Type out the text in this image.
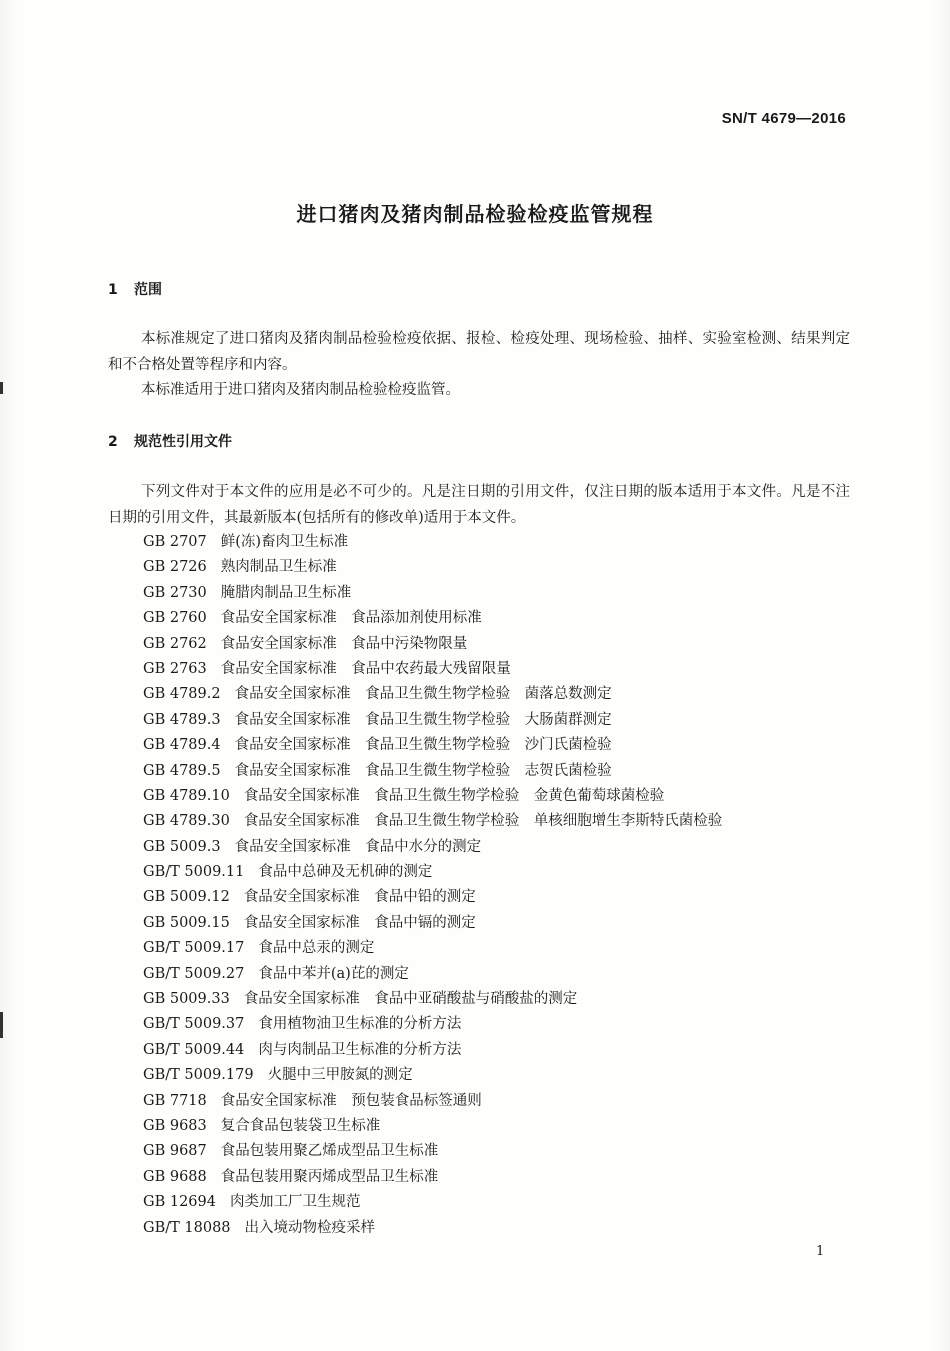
SN/T 4679—2016
进口猪肉及猪肉制品检验检疫监管规程
1 范围
本标准规定了进口猪肉及猪肉制品检验检疫依据、报检、检疫处理、现场检验、抽样、实验室检测、结果判定和不合格处置等程序和内容。
本标准适用于进口猪肉及猪肉制品检验检疫监管。
2 规范性引用文件
下列文件对于本文件的应用是必不可少的。凡是注日期的引用文件，仅注日期的版本适用于本文件。凡是不注日期的引用文件，其最新版本(包括所有的修改单)适用于本文件。
GB 2707 鲜(冻)畜肉卫生标准
GB 2726 熟肉制品卫生标准
GB 2730 腌腊肉制品卫生标准
GB 2760 食品安全国家标准　食品添加剂使用标准
GB 2762 食品安全国家标准　食品中污染物限量
GB 2763 食品安全国家标准　食品中农药最大残留限量
GB 4789.2 食品安全国家标准　食品卫生微生物学检验　菌落总数测定
GB 4789.3 食品安全国家标准　食品卫生微生物学检验　大肠菌群测定
GB 4789.4 食品安全国家标准　食品卫生微生物学检验　沙门氏菌检验
GB 4789.5 食品安全国家标准　食品卫生微生物学检验　志贺氏菌检验
GB 4789.10 食品安全国家标准　食品卫生微生物学检验　金黄色葡萄球菌检验
GB 4789.30 食品安全国家标准　食品卫生微生物学检验　单核细胞增生李斯特氏菌检验
GB 5009.3 食品安全国家标准　食品中水分的测定
GB/T 5009.11 食品中总砷及无机砷的测定
GB 5009.12 食品安全国家标准　食品中铅的测定
GB 5009.15 食品安全国家标准　食品中镉的测定
GB/T 5009.17 食品中总汞的测定
GB/T 5009.27 食品中苯并(a)芘的测定
GB 5009.33 食品安全国家标准　食品中亚硝酸盐与硝酸盐的测定
GB/T 5009.37 食用植物油卫生标准的分析方法
GB/T 5009.44 肉与肉制品卫生标准的分析方法
GB/T 5009.179 火腿中三甲胺氮的测定
GB 7718 食品安全国家标准　预包装食品标签通则
GB 9683 复合食品包装袋卫生标准
GB 9687 食品包装用聚乙烯成型品卫生标准
GB 9688 食品包装用聚丙烯成型品卫生标准
GB 12694 肉类加工厂卫生规范
GB/T 18088 出入境动物检疫采样
1
